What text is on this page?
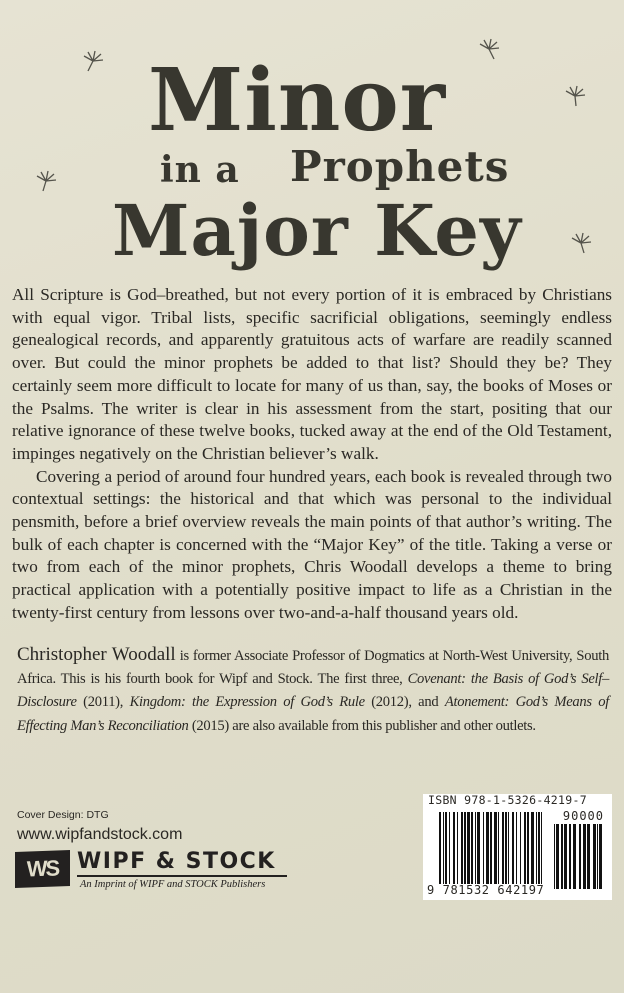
Minor
Prophets
in a
Major Key

All Scripture is God–breathed, but not every portion of it is embraced by Christians with equal vigor. Tribal lists, specific sacrificial obligations, seemingly endless genealogical records, and apparently gratuitous acts of warfare are readily scanned over. But could the minor prophets be added to that list? Should they be? They certainly seem more difficult to locate for many of us than, say, the books of Moses or the Psalms. The writer is clear in his assessment from the start, positing that our relative ignorance of these twelve books, tucked away at the end of the Old Testament, impinges negatively on the Christian believer’s walk.

Covering a period of around four hundred years, each book is revealed through two contextual settings: the historical and that which was personal to the individual pensmith, before a brief overview reveals the main points of that author’s writing. The bulk of each chapter is concerned with the “Major Key” of the title. Taking a verse or two from each of the minor prophets, Chris Woodall develops a theme to bring practical application with a potentially positive impact to life as a Christian in the twenty-first century from lessons over two-and-a-half thousand years old.

Christopher Woodall is former Associate Professor of Dogmatics at North-West University, South Africa. This is his fourth book for Wipf and Stock. The first three, Covenant: the Basis of God’s Self–Disclosure (2011), Kingdom: the Expression of God’s Rule (2012), and Atonement: God’s Means of Effecting Man’s Reconciliation (2015) are also available from this publisher and other outlets.

Cover Design: DTG
www.wipfandstock.com
WS WIPF & STOCK
An Imprint of WIPF and STOCK Publishers
ISBN 978-1-5326-4219-7
90000
9 781532 642197
